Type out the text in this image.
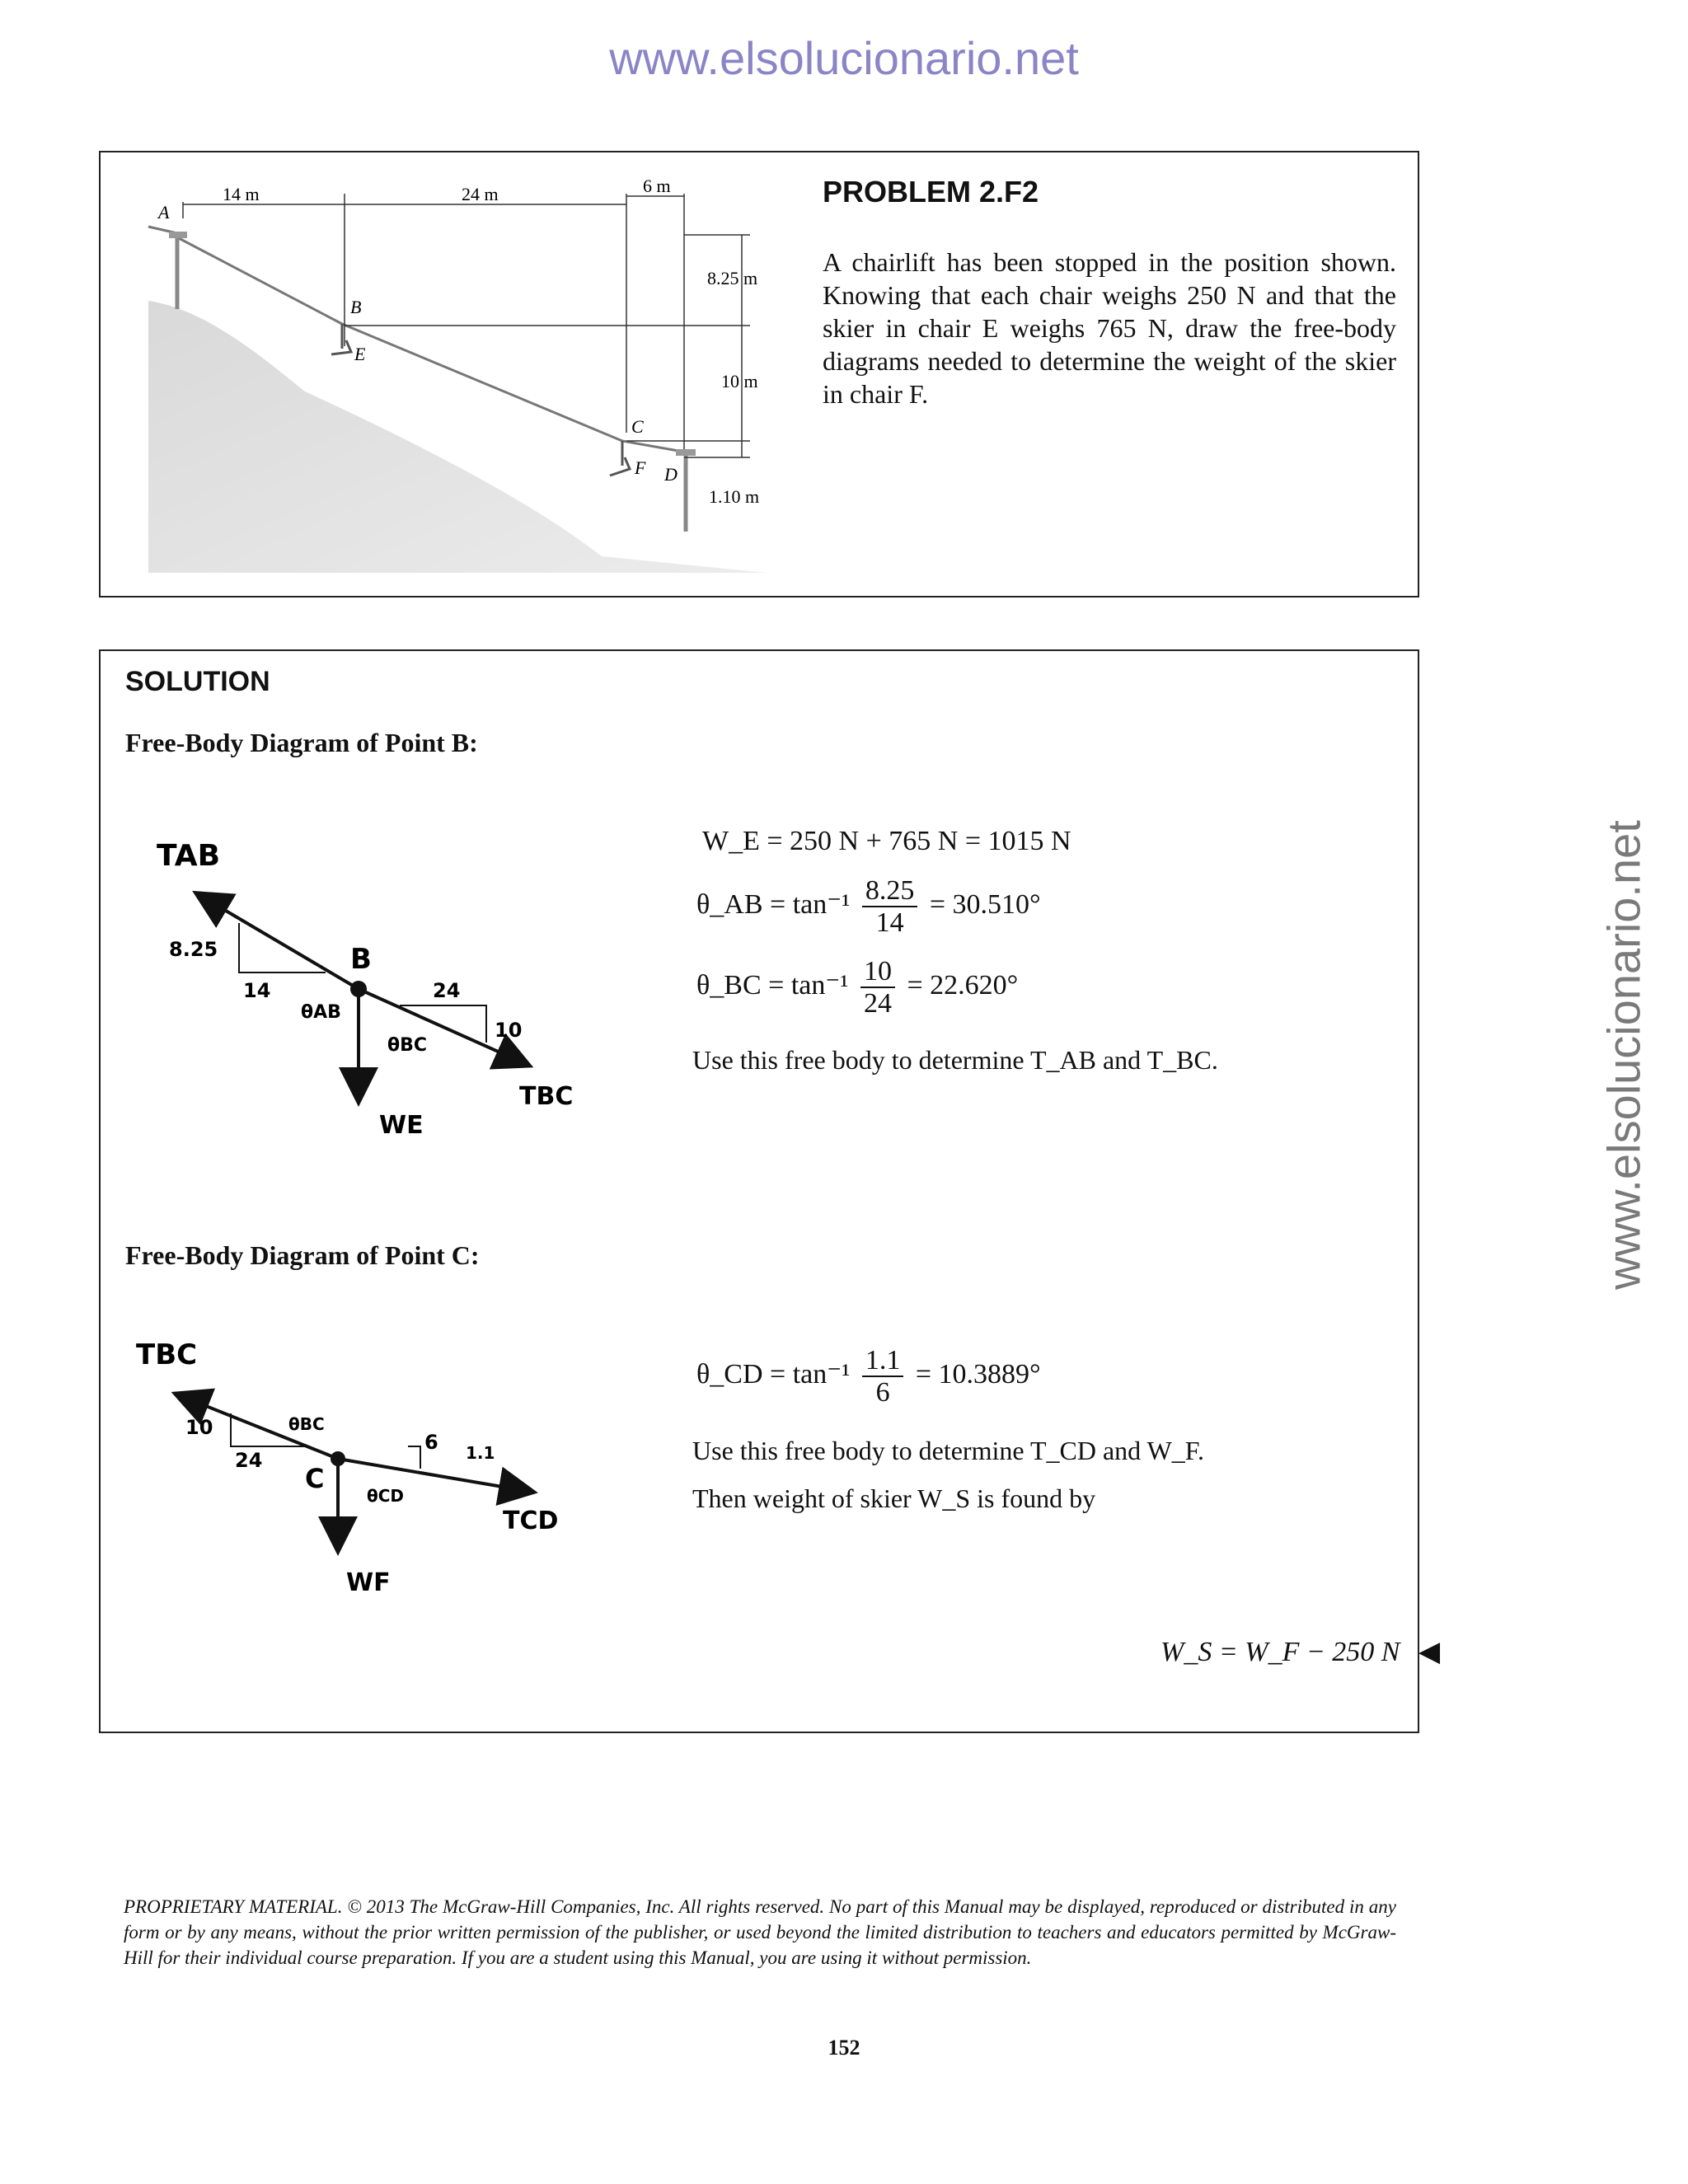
www.elsolucionario.net
www.elsolucionario.net
14 m	24 m	6 m
8.25 m
10 m
1.10 m
A
B
E
C
F D
PROBLEM 2.F2
A chairlift has been stopped in the position shown. Knowing that each chair weighs 250 N and that the skier in chair E weighs 765 N, draw the free-body diagrams needed to determine the weight of the skier in chair F.
SOLUTION
Free-Body Diagram of Point B:
TAB
TBC
WE
B
8.25
14	24
10
θAB
θBC
W_E = 250 N + 765 N = 1015 N
θ_AB = $\tan^{-1} \frac{8.25}{14} = 30.510^\circ$
θ_BC = $\tan^{-1} \frac{10}{24} = 22.620^\circ$
Use this free body to determine T_AB and T_BC.
Free-Body Diagram of Point C:
TBC
TCD
WF
C
10
24
6 1.1
θBC
θCD
θ_CD = $\tan^{-1} \frac{1.1}{6} = 10.3889^\circ$
Use this free body to determine T_CD and W_F.
Then weight of skier W_S is found by
W_S = W_F − 250 N ◀
PROPRIETARY MATERIAL. © 2013 The McGraw-Hill Companies, Inc. All rights reserved. No part of this Manual may be displayed, reproduced or distributed in any form or by any means, without the prior written permission of the publisher, or used beyond the limited distribution to teachers and educators permitted by McGraw-Hill for their individual course preparation. If you are a student using this Manual, you are using it without permission.
152
